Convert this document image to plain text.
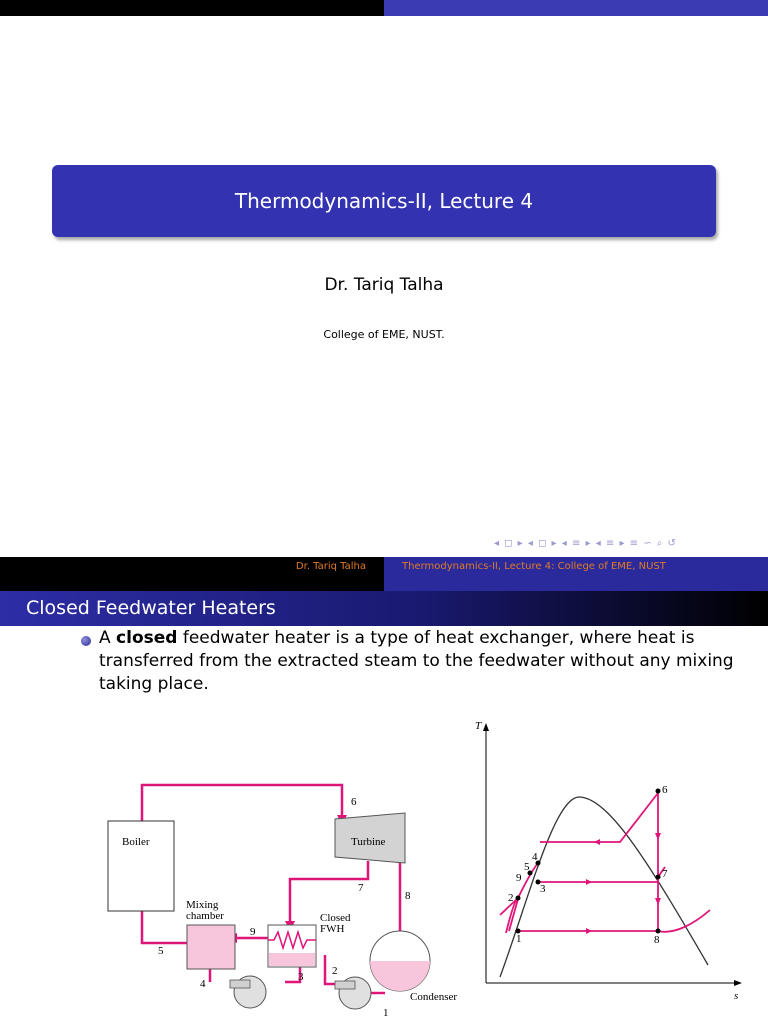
Thermodynamics-II, Lecture 4
Dr. Tariq Talha
College of EME, NUST.
◂ ◻ ▸ ◂ ◻ ▸ ◂ ≡ ▸ ◂ ≡ ▸ ≡ ∽ ⌕ ↺
Dr. Tariq Talha	Thermodynamics-II, Lecture 4: College of EME, NUST
Closed Feedwater Heaters
A closed feedwater heater is a type of heat exchanger, where heat is transferred from the extracted steam to the feedwater without any mixing taking place.
Boiler	Turbine
Mixing
chamber	Closed
FWH
Condenser
6
7
8
9
5
4
3	2
1
T
s
1
2
3
4
5
6
7
8
9
